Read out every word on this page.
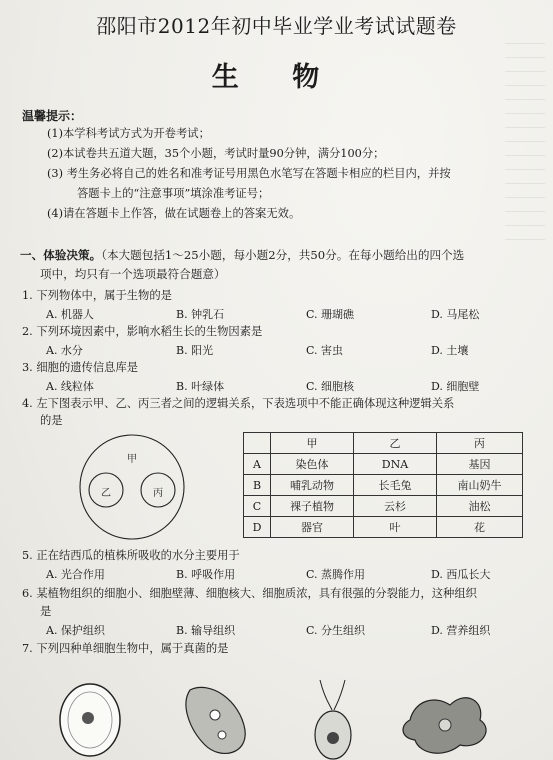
邵阳市2012年初中毕业学业考试试题卷
生 物
温馨提示：
(1)本学科考试方式为开卷考试；
(2)本试卷共五道大题，35个小题，考试时量90分钟，满分100分；
(3) 考生务必将自己的姓名和准考证号用黑色水笔写在答题卡相应的栏目内，并按
答题卡上的“注意事项”填涂准考证号；
(4)请在答题卡上作答，做在试题卷上的答案无效。
一、体验决策。（本大题包括1～25小题，每小题2分，共50分。在每小题给出的四个选
项中，均只有一个选项最符合题意）
1. 下列物体中，属于生物的是
A. 机器人	B. 钟乳石	C. 珊瑚礁	D. 马尾松
2. 下列环境因素中，影响水稻生长的生物因素是
A. 水分	B. 阳光	C. 害虫	D. 土壤
3. 细胞的遗传信息库是
A. 线粒体	B. 叶绿体	C. 细胞核	D. 细胞壁
4. 左下图表示甲、乙、丙三者之间的逻辑关系，下表选项中不能正确体现这种逻辑关系
的是
甲
乙	丙
	甲	乙	丙
A	染色体	DNA	基因
B	哺乳动物	长毛兔	南山奶牛
C	裸子植物	云杉	油松
D	器官	叶	花
5. 正在结西瓜的植株所吸收的水分主要用于
A. 光合作用	B. 呼吸作用	C. 蒸腾作用	D. 西瓜长大
6. 某植物组织的细胞小、细胞壁薄、细胞核大、细胞质浓，具有很强的分裂能力，这种组织
是
A. 保护组织	B. 输导组织	C. 分生组织	D. 营养组织
7. 下列四种单细胞生物中，属于真菌的是
